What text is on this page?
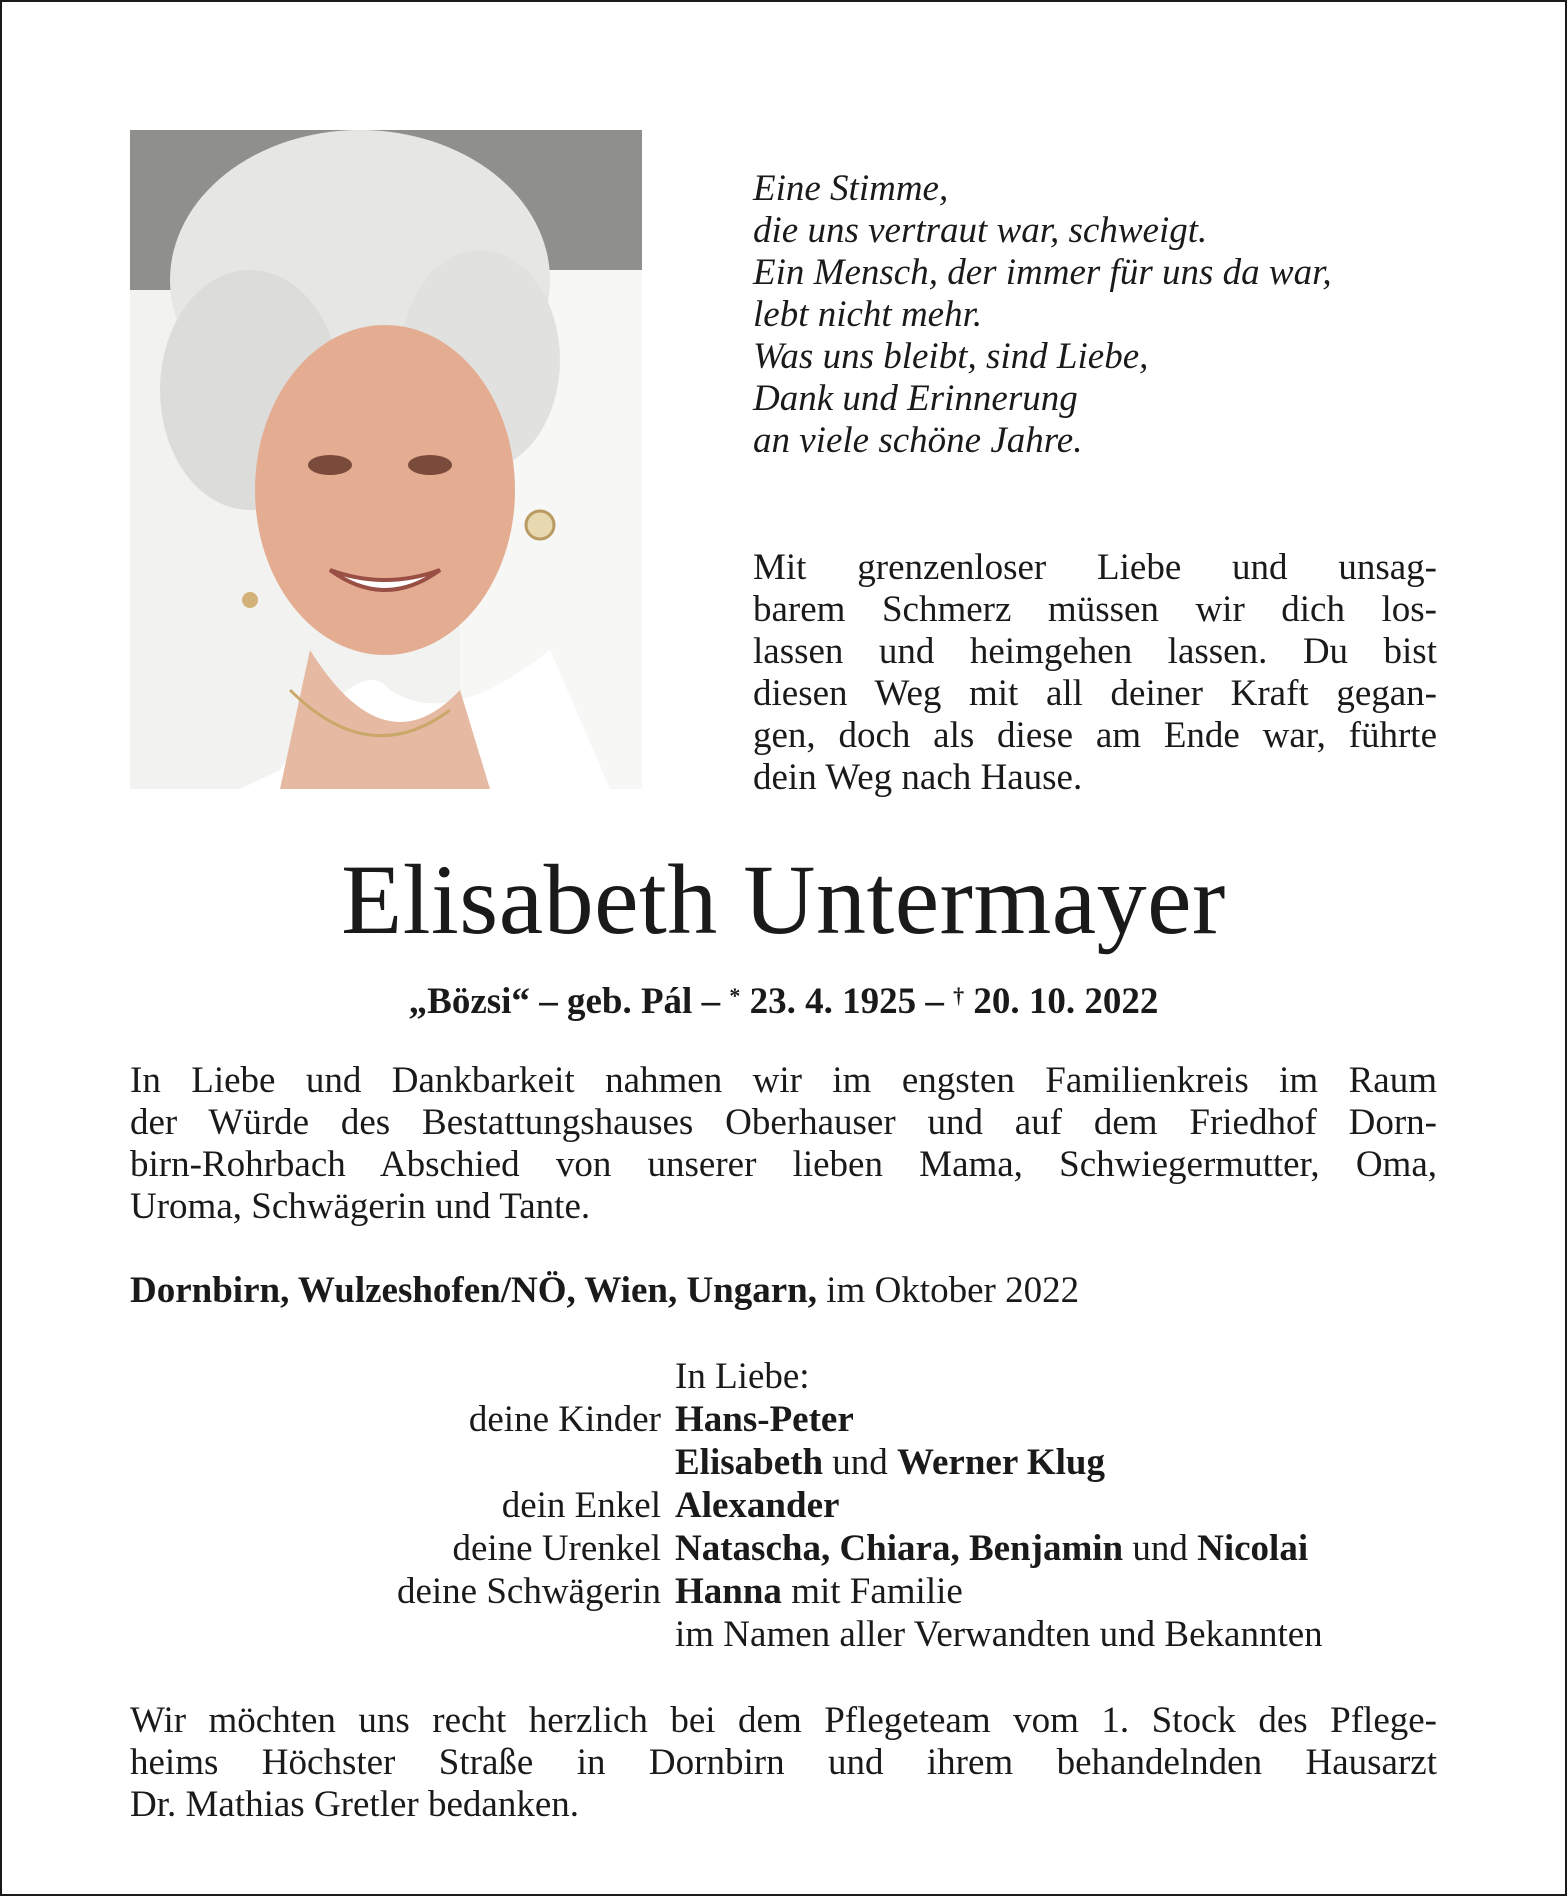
Eine Stimme,
die uns vertraut war, schweigt.
Ein Mensch, der immer für uns da war,
lebt nicht mehr.
Was uns bleibt, sind Liebe,
Dank und Erinnerung
an viele schöne Jahre.
Mit grenzenloser Liebe und unsag-
barem Schmerz müssen wir dich los-
lassen und heimgehen lassen. Du bist
diesen Weg mit all deiner Kraft gegan-
gen, doch als diese am Ende war, führte
dein Weg nach Hause.
Elisabeth Untermayer
„Bözsi“ – geb. Pál – * 23. 4. 1925 – † 20. 10. 2022
In Liebe und Dankbarkeit nahmen wir im engsten Familienkreis im Raum
der Würde des Bestattungshauses Oberhauser und auf dem Friedhof Dorn-
birn-Rohrbach Abschied von unserer lieben Mama, Schwiegermutter, Oma,
Uroma, Schwägerin und Tante.
Dornbirn, Wulzeshofen/NÖ, Wien, Ungarn, im Oktober 2022
In Liebe:
deine Kinder Hans-Peter
Elisabeth und Werner Klug
dein Enkel Alexander
deine Urenkel Natascha, Chiara, Benjamin und Nicolai
deine Schwägerin Hanna mit Familie
im Namen aller Verwandten und Bekannten
Wir möchten uns recht herzlich bei dem Pflegeteam vom 1. Stock des Pflege-
heims Höchster Straße in Dornbirn und ihrem behandelnden Hausarzt
Dr. Mathias Gretler bedanken.
